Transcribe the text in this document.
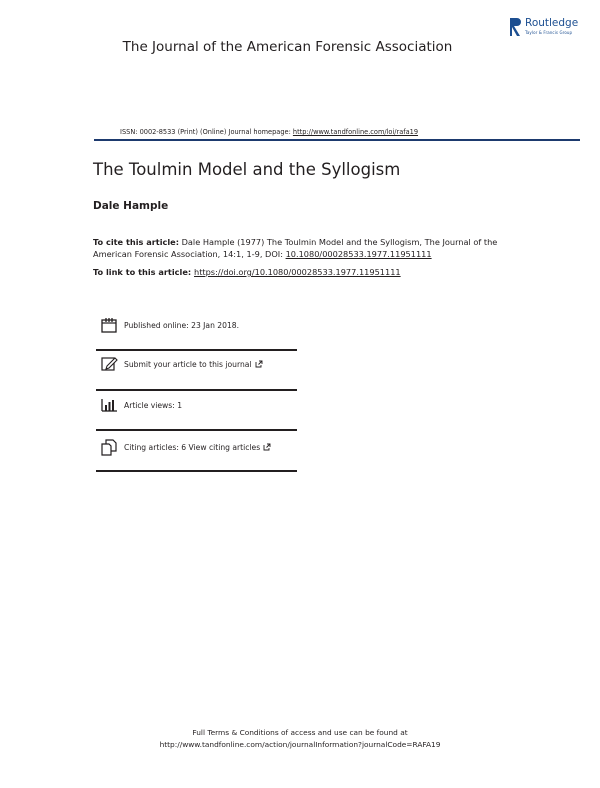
Routledge
Taylor & Francis Group
The Journal of the American Forensic Association
ISSN: 0002-8533 (Print) (Online) Journal homepage: http://www.tandfonline.com/loi/rafa19
The Toulmin Model and the Syllogism
Dale Hample
To cite this article: Dale Hample (1977) The Toulmin Model and the Syllogism, The Journal of the American Forensic Association, 14:1, 1-9, DOI: 10.1080/00028533.1977.11951111
To link to this article: https://doi.org/10.1080/00028533.1977.11951111
Published online: 23 Jan 2018.
Submit your article to this journal
Article views: 1
Citing articles: 6 View citing articles
Full Terms & Conditions of access and use can be found at
http://www.tandfonline.com/action/journalInformation?journalCode=RAFA19
